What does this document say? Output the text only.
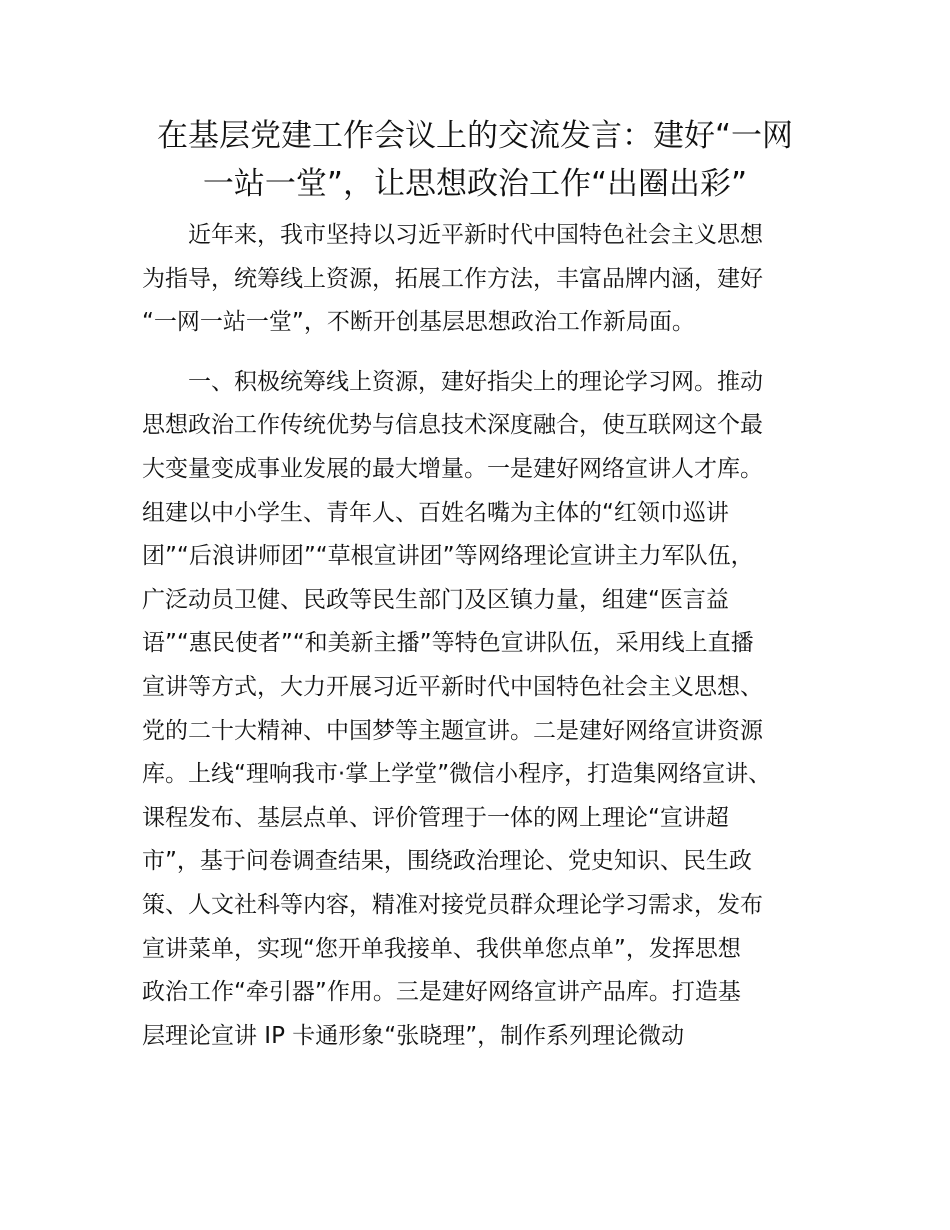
在基层党建工作会议上的交流发言：建好“一网
一站一堂”，让思想政治工作“出圈出彩”

近年来，我市坚持以习近平新时代中国特色社会主义思想
为指导，统筹线上资源，拓展工作方法，丰富品牌内涵，建好
“一网一站一堂”，不断开创基层思想政治工作新局面。

一、积极统筹线上资源，建好指尖上的理论学习网。推动
思想政治工作传统优势与信息技术深度融合，使互联网这个最
大变量变成事业发展的最大增量。一是建好网络宣讲人才库。
组建以中小学生、青年人、百姓名嘴为主体的“红领巾巡讲
团”“后浪讲师团”“草根宣讲团”等网络理论宣讲主力军队伍，
广泛动员卫健、民政等民生部门及区镇力量，组建“医言益
语”“惠民使者”“和美新主播”等特色宣讲队伍，采用线上直播
宣讲等方式，大力开展习近平新时代中国特色社会主义思想、
党的二十大精神、中国梦等主题宣讲。二是建好网络宣讲资源
库。上线“理响我市·掌上学堂”微信小程序，打造集网络宣讲、
课程发布、基层点单、评价管理于一体的网上理论“宣讲超
市”，基于问卷调查结果，围绕政治理论、党史知识、民生政
策、人文社科等内容，精准对接党员群众理论学习需求，发布
宣讲菜单，实现“您开单我接单、我供单您点单”，发挥思想
政治工作“牵引器”作用。三是建好网络宣讲产品库。打造基
层理论宣讲 IP 卡通形象“张晓理”，制作系列理论微动
